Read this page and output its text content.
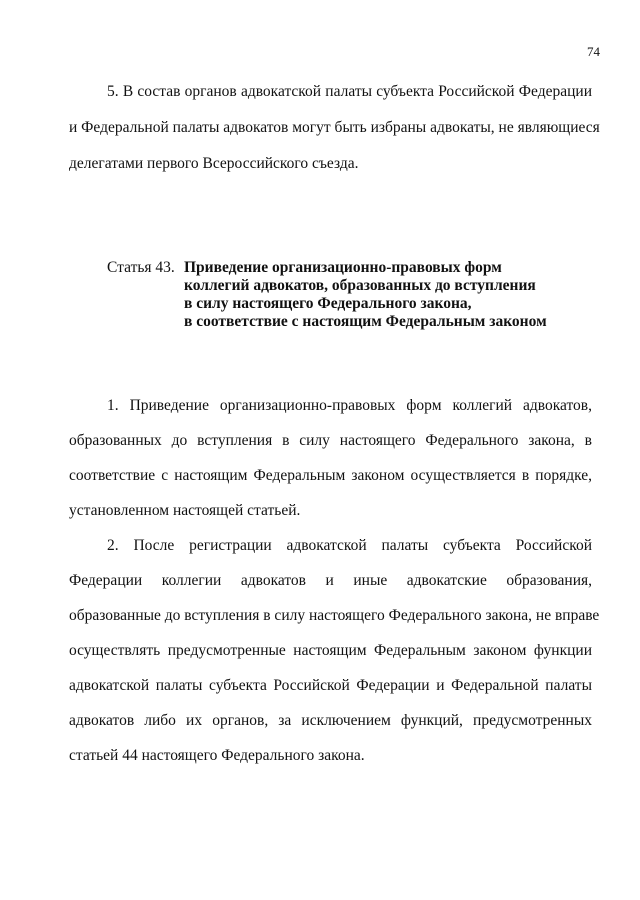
74
5. В состав органов адвокатской палаты субъекта Российской Федерации
и Федеральной палаты адвокатов могут быть избраны адвокаты, не являющиеся
делегатами первого Всероссийского съезда.
Статья 43. Приведение организационно-правовых форм
коллегий адвокатов, образованных до вступления
в силу настоящего Федерального закона,
в соответствие с настоящим Федеральным законом
1. Приведение организационно-правовых форм коллегий адвокатов,
образованных до вступления в силу настоящего Федерального закона, в
соответствие с настоящим Федеральным законом осуществляется в порядке,
установленном настоящей статьей.
2. После регистрации адвокатской палаты субъекта Российской
Федерации коллегии адвокатов и иные адвокатские образования,
образованные до вступления в силу настоящего Федерального закона, не вправе
осуществлять предусмотренные настоящим Федеральным законом функции
адвокатской палаты субъекта Российской Федерации и Федеральной палаты
адвокатов либо их органов, за исключением функций, предусмотренных
статьей 44 настоящего Федерального закона.
